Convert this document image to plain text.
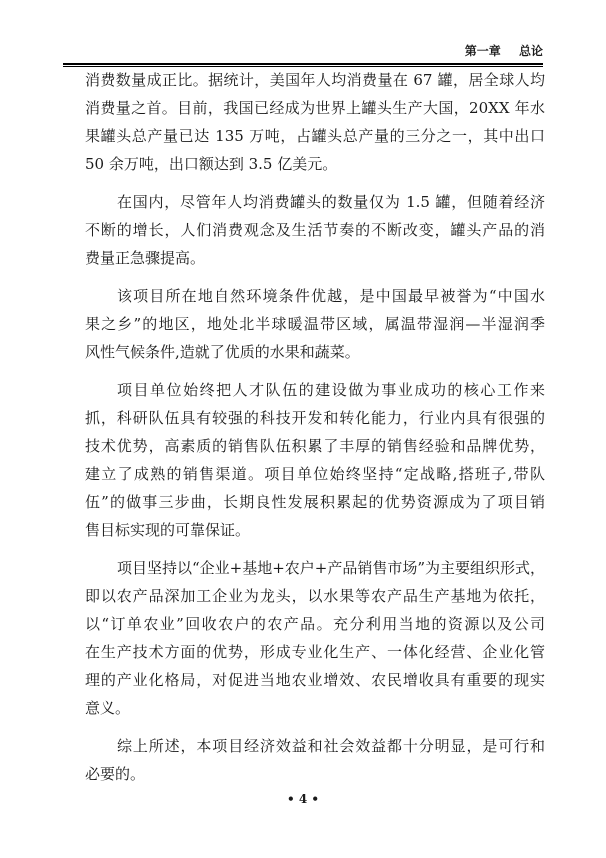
第一章 总论
消费数量成正比。据统计，美国年人均消费量在 67 罐，居全球人均
消费量之首。目前，我国已经成为世界上罐头生产大国，20XX 年水
果罐头总产量已达 135 万吨，占罐头总产量的三分之一，其中出口
50 余万吨，出口额达到 3.5 亿美元。
在国内，尽管年人均消费罐头的数量仅为 1.5 罐，但随着经济
不断的增长，人们消费观念及生活节奏的不断改变，罐头产品的消
费量正急骤提高。
该项目所在地自然环境条件优越，是中国最早被誉为“中国水
果之乡”的地区，地处北半球暖温带区域，属温带湿润—半湿润季
风性气候条件,造就了优质的水果和蔬菜。
项目单位始终把人才队伍的建设做为事业成功的核心工作来
抓，科研队伍具有较强的科技开发和转化能力，行业内具有很强的
技术优势，高素质的销售队伍积累了丰厚的销售经验和品牌优势，
建立了成熟的销售渠道。项目单位始终坚持“定战略,搭班子,带队
伍”的做事三步曲，长期良性发展积累起的优势资源成为了项目销
售目标实现的可靠保证。
项目坚持以“企业+基地+农户+产品销售市场”为主要组织形式，
即以农产品深加工企业为龙头，以水果等农产品生产基地为依托，
以“订单农业”回收农户的农产品。充分利用当地的资源以及公司
在生产技术方面的优势，形成专业化生产、一体化经营、企业化管
理的产业化格局，对促进当地农业增效、农民增收具有重要的现实
意义。
综上所述，本项目经济效益和社会效益都十分明显，是可行和
必要的。
• 4 •
